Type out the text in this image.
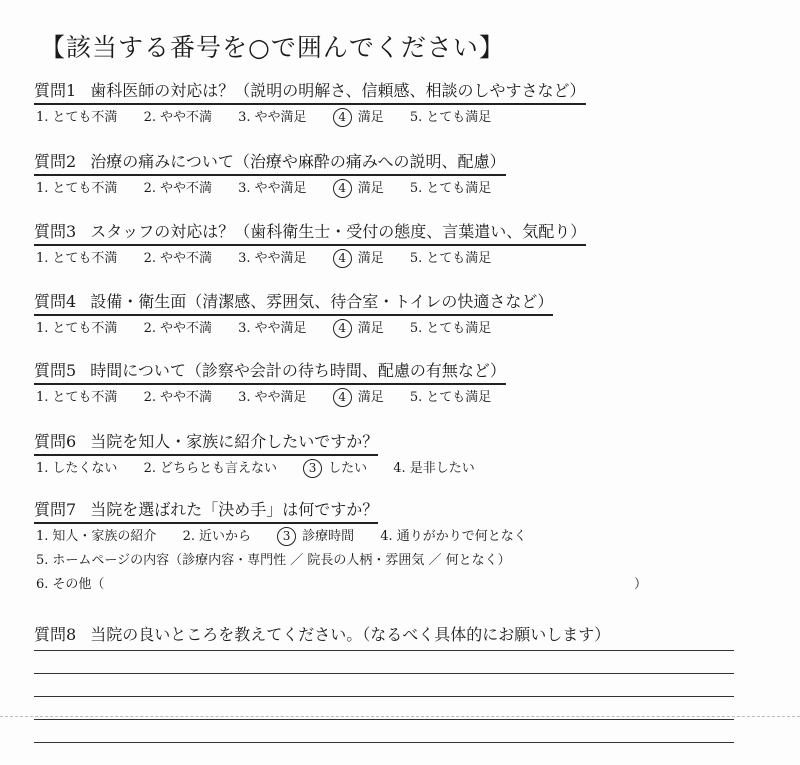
【該当する番号を○で囲んでください】
質問1 歯科医師の対応は？（説明の明解さ、信頼感、相談のしやすさなど）
1. とても不満 2. やや不満 3. やや満足	4 満足 5. とても満足
質問2 治療の痛みについて（治療や麻酔の痛みへの説明、配慮）
1. とても不満 2. やや不満 3. やや満足	4 満足 5. とても満足
質問3 スタッフの対応は？（歯科衛生士・受付の態度、言葉遣い、気配り）
1. とても不満 2. やや不満 3. やや満足	4 満足 5. とても満足
質問4 設備・衛生面（清潔感、雰囲気、待合室・トイレの快適さなど）
1. とても不満 2. やや不満 3. やや満足	4 満足 5. とても満足
質問5 時間について（診察や会計の待ち時間、配慮の有無など）
1. とても不満 2. やや不満 3. やや満足	4 満足 5. とても満足
質問6 当院を知人・家族に紹介したいですか？
1. したくない 2. どちらとも言えない	3 したい 4. 是非したい
質問7 当院を選ばれた「決め手」は何ですか？
1. 知人・家族の紹介 2. 近いから	3 診療時間 4. 通りがかりで何となく
5. ホームページの内容（診療内容・専門性 ／ 院長の人柄・雰囲気 ／ 何となく）
6. その他（	）
質問8 当院の良いところを教えてください。（なるべく具体的にお願いします）
